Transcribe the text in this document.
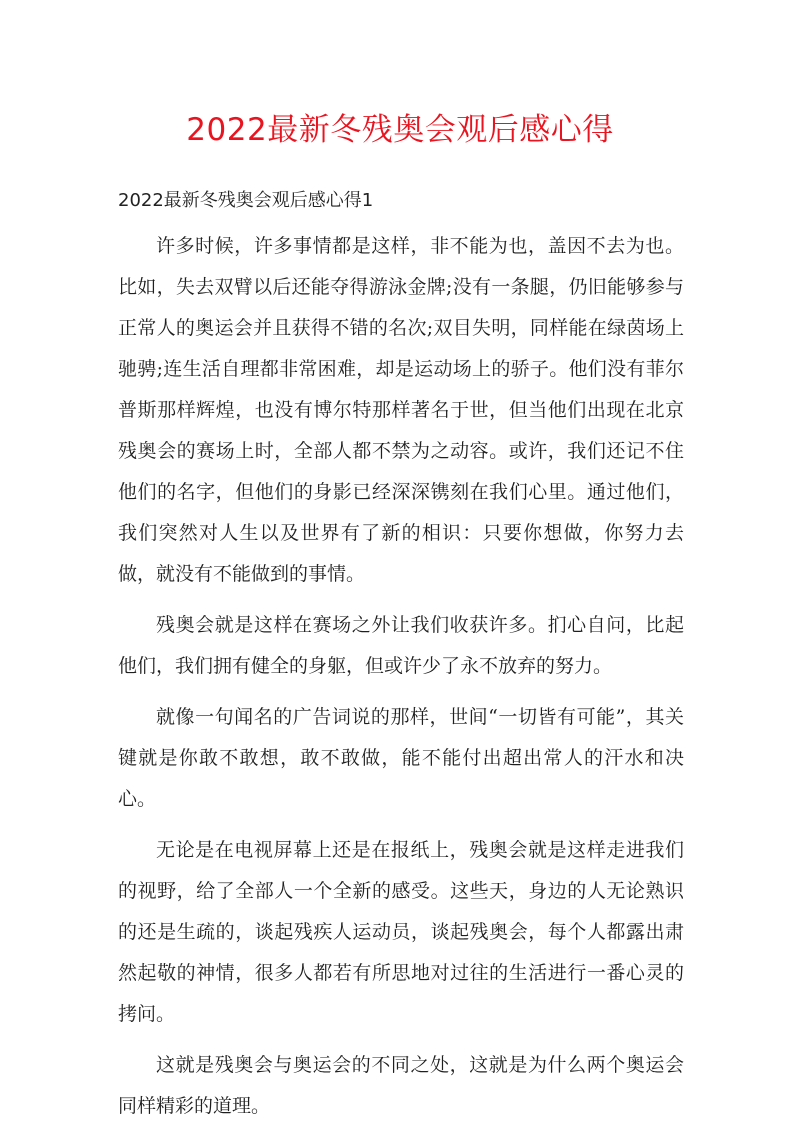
2022最新冬残奥会观后感心得
2022最新冬残奥会观后感心得1

许多时候，许多事情都是这样，非不能为也，盖因不去为也。比如，失去双臂以后还能夺得游泳金牌;没有一条腿，仍旧能够参与正常人的奥运会并且获得不错的名次;双目失明，同样能在绿茵场上驰骋;连生活自理都非常困难，却是运动场上的骄子。他们没有菲尔普斯那样辉煌，也没有博尔特那样著名于世，但当他们出现在北京残奥会的赛场上时，全部人都不禁为之动容。或许，我们还记不住他们的名字，但他们的身影已经深深镌刻在我们心里。通过他们，我们突然对人生以及世界有了新的相识：只要你想做，你努力去做，就没有不能做到的事情。

残奥会就是这样在赛场之外让我们收获许多。扪心自问，比起他们，我们拥有健全的身躯，但或许少了永不放弃的努力。

就像一句闻名的广告词说的那样，世间“一切皆有可能”，其关键就是你敢不敢想，敢不敢做，能不能付出超出常人的汗水和决心。

无论是在电视屏幕上还是在报纸上，残奥会就是这样走进我们的视野，给了全部人一个全新的感受。这些天，身边的人无论熟识的还是生疏的，谈起残疾人运动员，谈起残奥会，每个人都露出肃然起敬的神情，很多人都若有所思地对过往的生活进行一番心灵的拷问。

这就是残奥会与奥运会的不同之处，这就是为什么两个奥运会同样精彩的道理。
